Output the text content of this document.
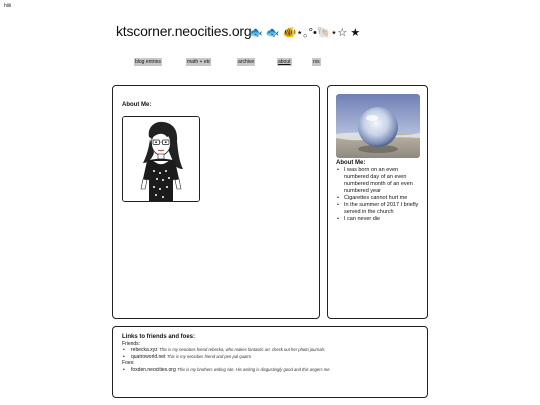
hiiii
ktscorner.neocities.org
🐟 🐟 🐠⋆｡°•🐚⋆☆ ★
blog entries	math + etc	archive	about	rss
About Me:
About Me:
• I was born on an even numbered day of an even numbered month of an even numbered year
• Cigarettes cannot hurt me
• In the summer of 2017 I briefly served in the church
• I can never die
Links to friends and foes:
Friends:
• rebecka.xyz This is my neocities friend rebecka, who makes fantastic art. check out her photo journals
• quatroworld.net This is my neocities friend and pen pal quatro
Foes:
• foxden.neocities.org This is my brothers writing site. His writing is disgustingly good and this angers me
